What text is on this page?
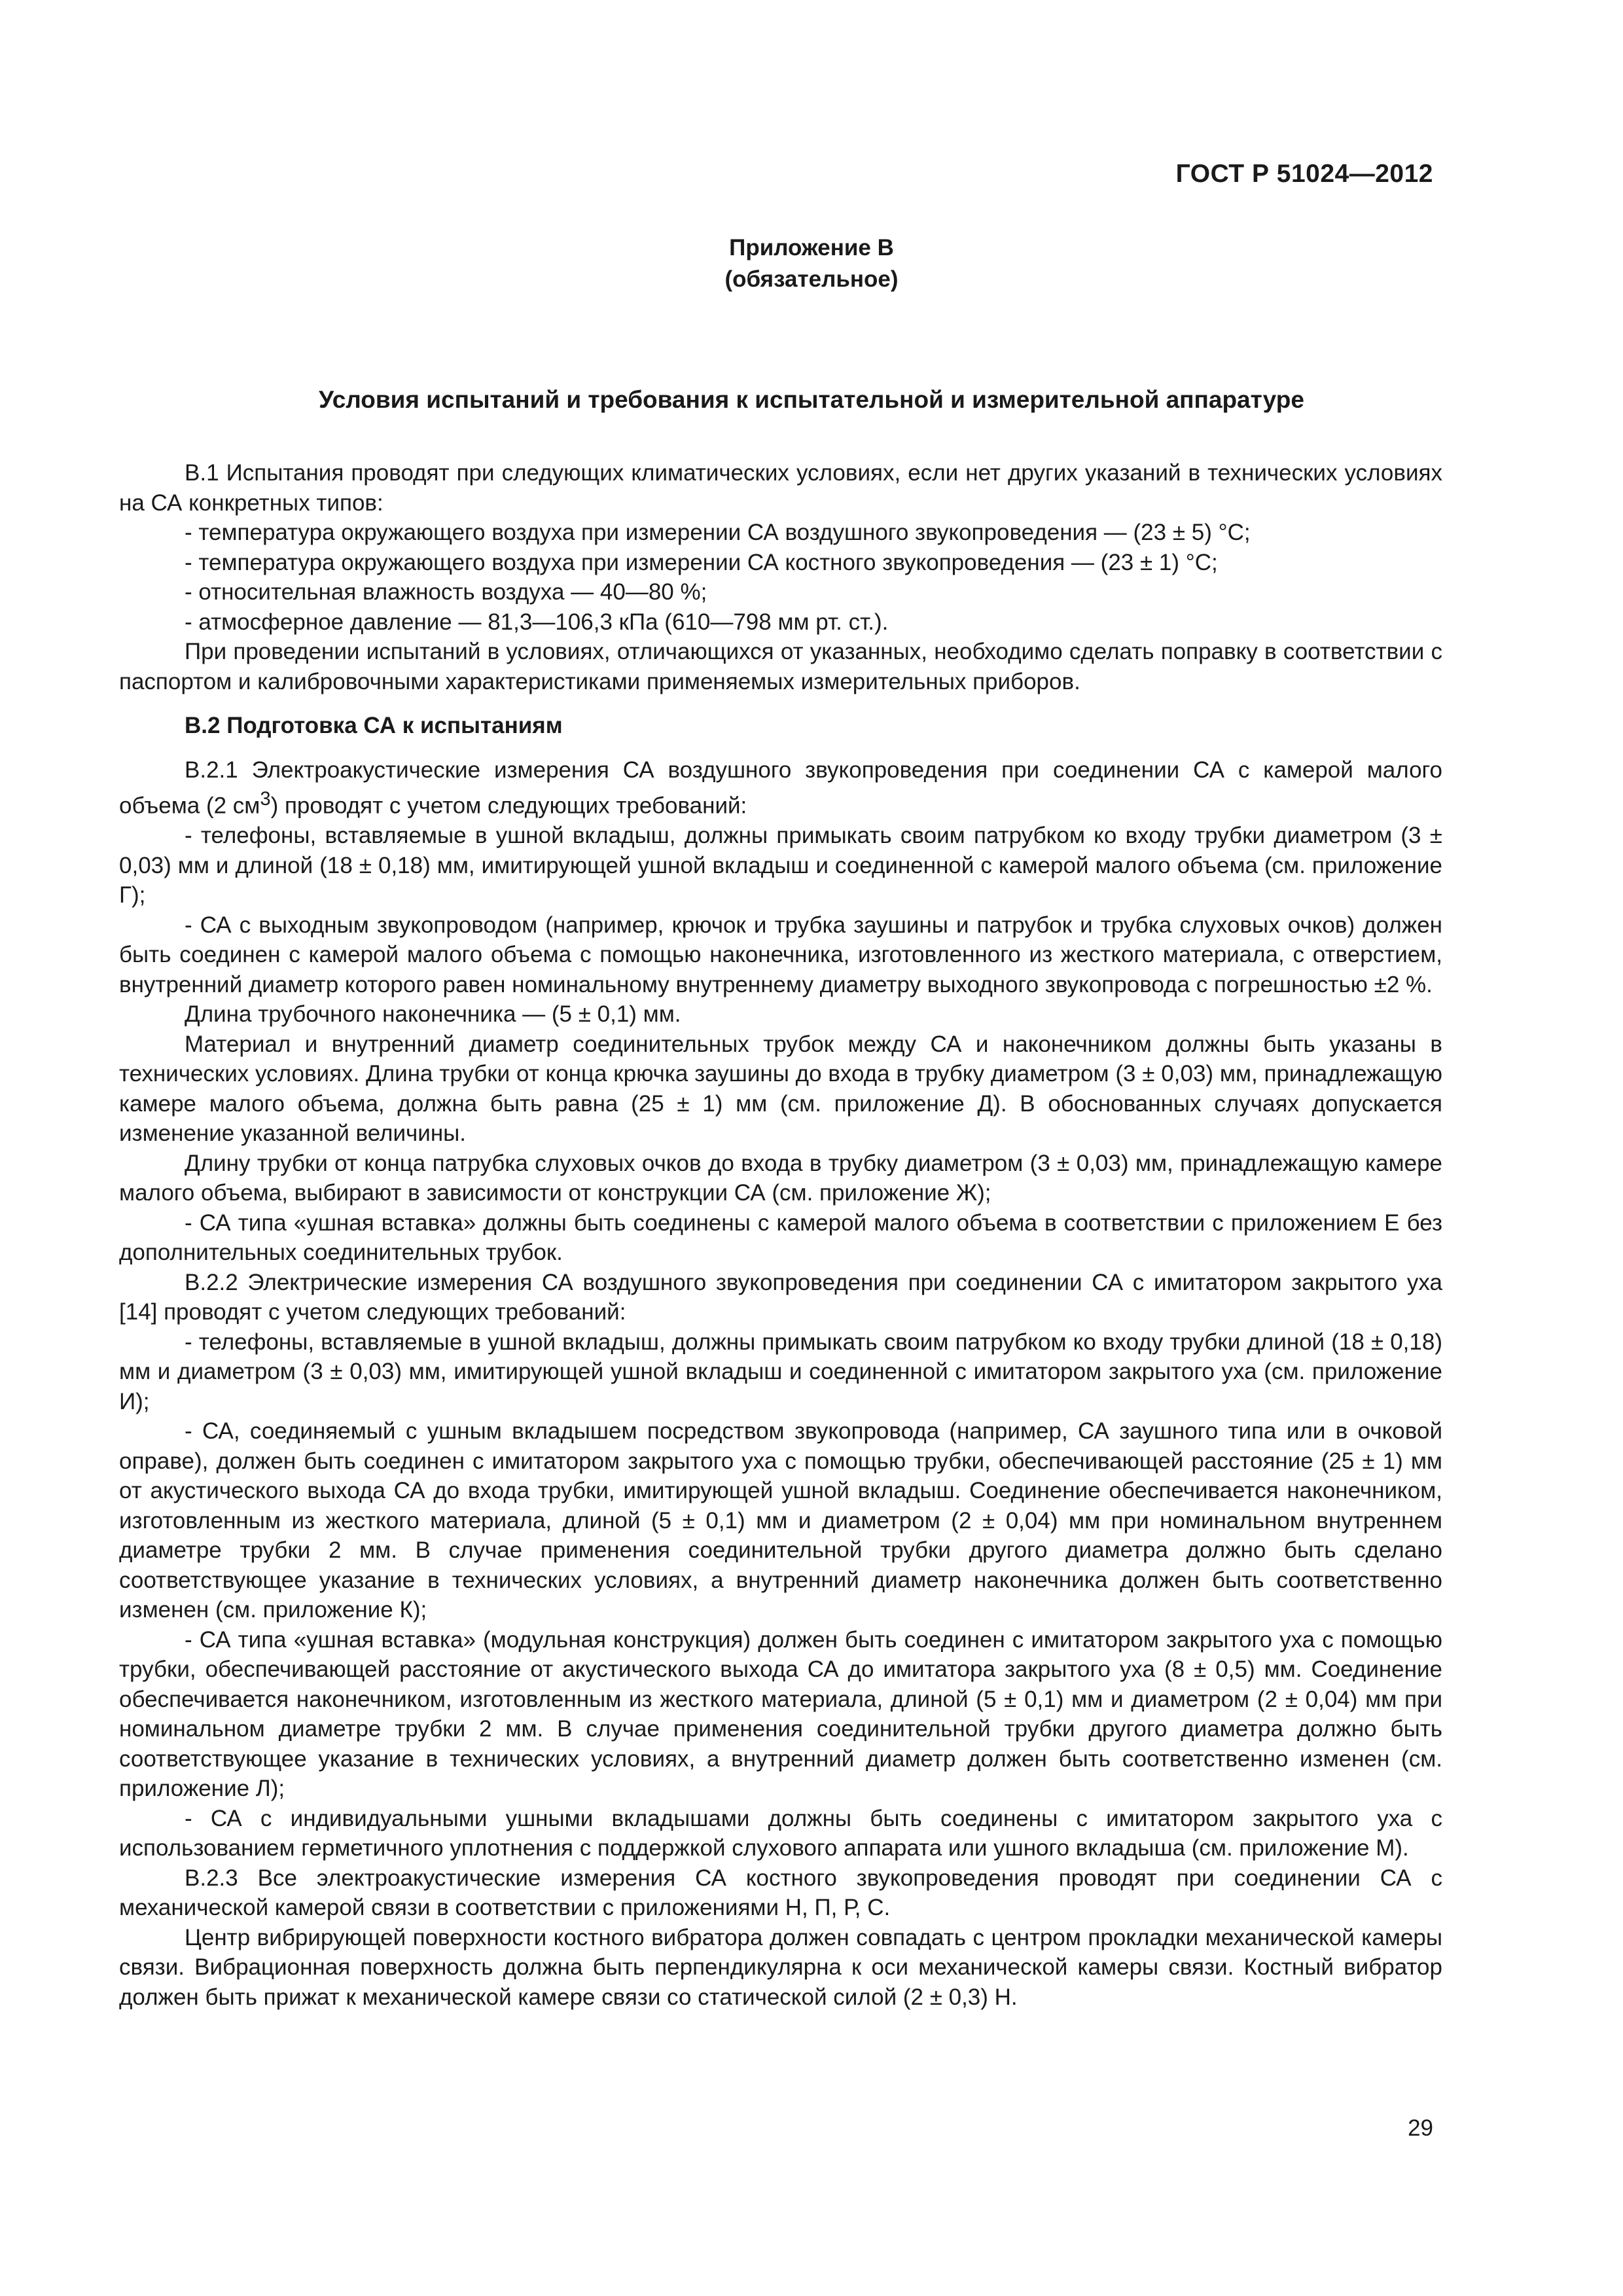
ГОСТ Р 51024—2012
Приложение В
(обязательное)
Условия испытаний и требования к испытательной и измерительной аппаратуре

В.1 Испытания проводят при следующих климатических условиях, если нет других указаний в технических условиях на СА конкретных типов:

- температура окружающего воздуха при измерении СА воздушного звукопроведения — (23 ± 5) °С;

- температура окружающего воздуха при измерении СА костного звукопроведения — (23 ± 1) °С;

- относительная влажность воздуха — 40—80 %;

- атмосферное давление — 81,3—106,3 кПа (610—798 мм рт. ст.).

При проведении испытаний в условиях, отличающихся от указанных, необходимо сделать поправку в соответствии с паспортом и калибровочными характеристиками применяемых измерительных приборов.

В.2 Подготовка СА к испытаниям

В.2.1 Электроакустические измерения СА воздушного звукопроведения при соединении СА с камерой малого объема (2 $см^3$) проводят с учетом следующих требований:

- телефоны, вставляемые в ушной вкладыш, должны примыкать своим патрубком ко входу трубки диаметром (3 ± 0,03) мм и длиной (18 ± 0,18) мм, имитирующей ушной вкладыш и соединенной с камерой малого объема (см. приложение Г);

- СА с выходным звукопроводом (например, крючок и трубка заушины и патрубок и трубка слуховых очков) должен быть соединен с камерой малого объема с помощью наконечника, изготовленного из жесткого материала, с отверстием, внутренний диаметр которого равен номинальному внутреннему диаметру выходного звукопровода с погрешностью ±2 %.

Длина трубочного наконечника — (5 ± 0,1) мм.

Материал и внутренний диаметр соединительных трубок между СА и наконечником должны быть указаны в технических условиях. Длина трубки от конца крючка заушины до входа в трубку диаметром (3 ± 0,03) мм, принадлежащую камере малого объема, должна быть равна (25 ± 1) мм (см. приложение Д). В обоснованных случаях допускается изменение указанной величины.

Длину трубки от конца патрубка слуховых очков до входа в трубку диаметром (3 ± 0,03) мм, принадлежащую камере малого объема, выбирают в зависимости от конструкции СА (см. приложение Ж);

- СА типа «ушная вставка» должны быть соединены с камерой малого объема в соответствии с приложением Е без дополнительных соединительных трубок.

В.2.2 Электрические измерения СА воздушного звукопроведения при соединении СА с имитатором закрытого уха [14] проводят с учетом следующих требований:

- телефоны, вставляемые в ушной вкладыш, должны примыкать своим патрубком ко входу трубки длиной (18 ± 0,18) мм и диаметром (3 ± 0,03) мм, имитирующей ушной вкладыш и соединенной с имитатором закрытого уха (см. приложение И);

- СА, соединяемый с ушным вкладышем посредством звукопровода (например, СА заушного типа или в очковой оправе), должен быть соединен с имитатором закрытого уха с помощью трубки, обеспечивающей расстояние (25 ± 1) мм от акустического выхода СА до входа трубки, имитирующей ушной вкладыш. Соединение обеспечивается наконечником, изготовленным из жесткого материала, длиной (5 ± 0,1) мм и диаметром (2 ± 0,04) мм при номинальном внутреннем диаметре трубки 2 мм. В случае применения соединительной трубки другого диаметра должно быть сделано соответствующее указание в технических условиях, а внутренний диаметр наконечника должен быть соответственно изменен (см. приложение К);

- СА типа «ушная вставка» (модульная конструкция) должен быть соединен с имитатором закрытого уха с помощью трубки, обеспечивающей расстояние от акустического выхода СА до имитатора закрытого уха (8 ± 0,5) мм. Соединение обеспечивается наконечником, изготовленным из жесткого материала, длиной (5 ± 0,1) мм и диаметром (2 ± 0,04) мм при номинальном диаметре трубки 2 мм. В случае применения соединительной трубки другого диаметра должно быть соответствующее указание в технических условиях, а внутренний диаметр должен быть соответственно изменен (см. приложение Л);

- СА с индивидуальными ушными вкладышами должны быть соединены с имитатором закрытого уха с использованием герметичного уплотнения с поддержкой слухового аппарата или ушного вкладыша (см. приложение М).

В.2.3 Все электроакустические измерения СА костного звукопроведения проводят при соединении СА с механической камерой связи в соответствии с приложениями Н, П, Р, С.

Центр вибрирующей поверхности костного вибратора должен совпадать с центром прокладки механической камеры связи. Вибрационная поверхность должна быть перпендикулярна к оси механической камеры связи. Костный вибратор должен быть прижат к механической камере связи со статической силой (2 ± 0,3) Н.

29
